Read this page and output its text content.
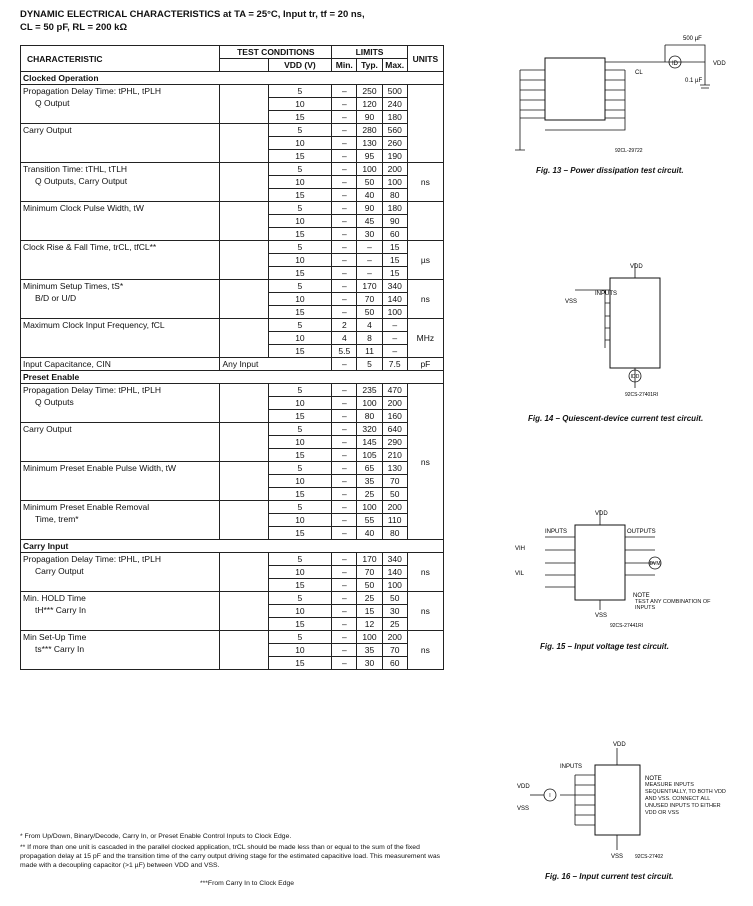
DYNAMIC ELECTRICAL CHARACTERISTICS at TA = 25°C, Input tr, tf = 20 ns,
CL = 50 pF, RL = 200 kΩ
CHARACTERISTIC	TEST CONDITIONS		LIMITS			UNITS
		VDD (V)	Min.	Typ.	Max.	
Clocked Operation						

Propagation Delay Time: tPHL, tPLH
Q Output		5	–	250	500	
		10	–	120	240	
		15	–	90	180	

Carry Output		5	–	280	560	
		10	–	130	260	
		15	–	95	190	

Transition Time: tTHL, tTLH
Q Outputs, Carry Output		5	–	100	200	ns
		10	–	50	100	
		15	–	40	80	

Minimum Clock Pulse Width, tW		5	–	90	180	
		10	–	45	90	
		15	–	30	60	

Clock Rise & Fall Time, trCL, tfCL**		5	–	–	15	µs
		10	–	–	15	
		15	–	–	15	

Minimum Setup Times, tS*
B/D or U/D		5	–	170	340	ns
		10	–	70	140	
		15	–	50	100	

Maximum Clock Input Frequency, fCL		5	2	4	–	MHz
		10	4	8	–	
		15	5.5	11	–	
Input Capacitance, CIN	Any Input		–	5	7.5	pF
Preset Enable						

Propagation Delay Time: tPHL, tPLH
Q Outputs		5	–	235	470	ns
		10	–	100	200	
		15	–	80	160	

Carry Output		5	–	320	640	
		10	–	145	290	
		15	–	105	210	

Minimum Preset Enable Pulse Width, tW		5	–	65	130	
		10	–	35	70	
		15	–	25	50	

Minimum Preset Enable Removal
Time, trem*		5	–	100	200	
		10	–	55	110	
		15	–	40	80	
Carry Input						

Propagation Delay Time: tPHL, tPLH
Carry Output		5	–	170	340	ns
		10	–	70	140	
		15	–	50	100	

Min. HOLD Time
tH*** Carry In		5	–	25	50	ns
		10	–	15	30	
		15	–	12	25	

Min Set-Up Time
ts*** Carry In		5	–	100	200	ns
		10	–	35	70	
		15	–	30	60	
* From Up/Down, Binary/Decode, Carry In, or Preset Enable Control Inputs to Clock Edge.
** If more than one unit is cascaded in the parallel clocked application, trCL should be made less than or equal to the sum of the fixed propagation delay at 15 pF and the transition time of the carry output driving stage for the estimated capacitive load. This measurement was made with a decoupling capacitor (>1 µF) between VDD and VSS.
***From Carry In to Clock Edge
ID
500 µF
0.1 µF
VDD
CL
92CL-29722
Fig. 13 – Power dissipation test circuit.
VDD
INPUTS
VSS
IDD
92CS-27401RI
Fig. 14 – Quiescent-device current test circuit.
VDD
INPUTS	OUTPUTS
VIH
VIL
DVM
VSS
NOTE
TEST ANY COMBINATION OF INPUTS
92CS-27441RI
Fig. 15 – Input voltage test circuit.
VDD
INPUTS
I
VDD
VSS
VSS
NOTE
MEASURE INPUTS SEQUENTIALLY, TO BOTH VDD AND VSS. CONNECT ALL UNUSED INPUTS TO EITHER VDD OR VSS
92CS-27402
Fig. 16 – Input current test circuit.
